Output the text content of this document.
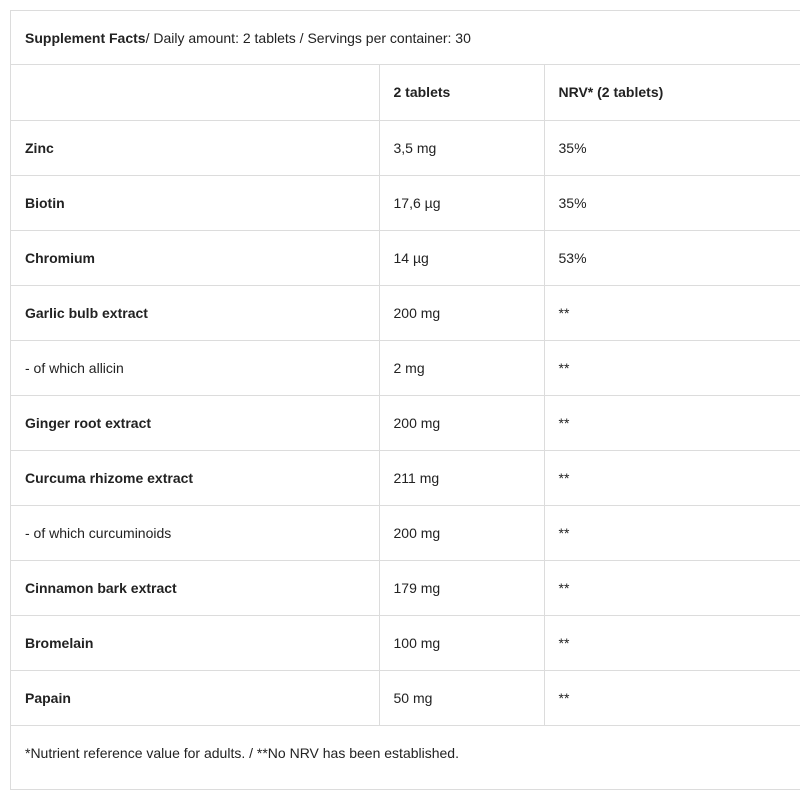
Supplement Facts / Daily amount: 2 tablets / Servings per container: 30
	2 tablets	NRV* (2 tablets)
Zinc	3,5 mg	35%
Biotin	17,6 µg	35%
Chromium	14 µg	53%
Garlic bulb extract	200 mg	**
- of which allicin	2 mg	**
Ginger root extract	200 mg	**
Curcuma rhizome extract	211 mg	**
- of which curcuminoids	200 mg	**
Cinnamon bark extract	179 mg	**
Bromelain	100 mg	**
Papain	50 mg	**
*Nutrient reference value for adults. / **No NRV has been established.
